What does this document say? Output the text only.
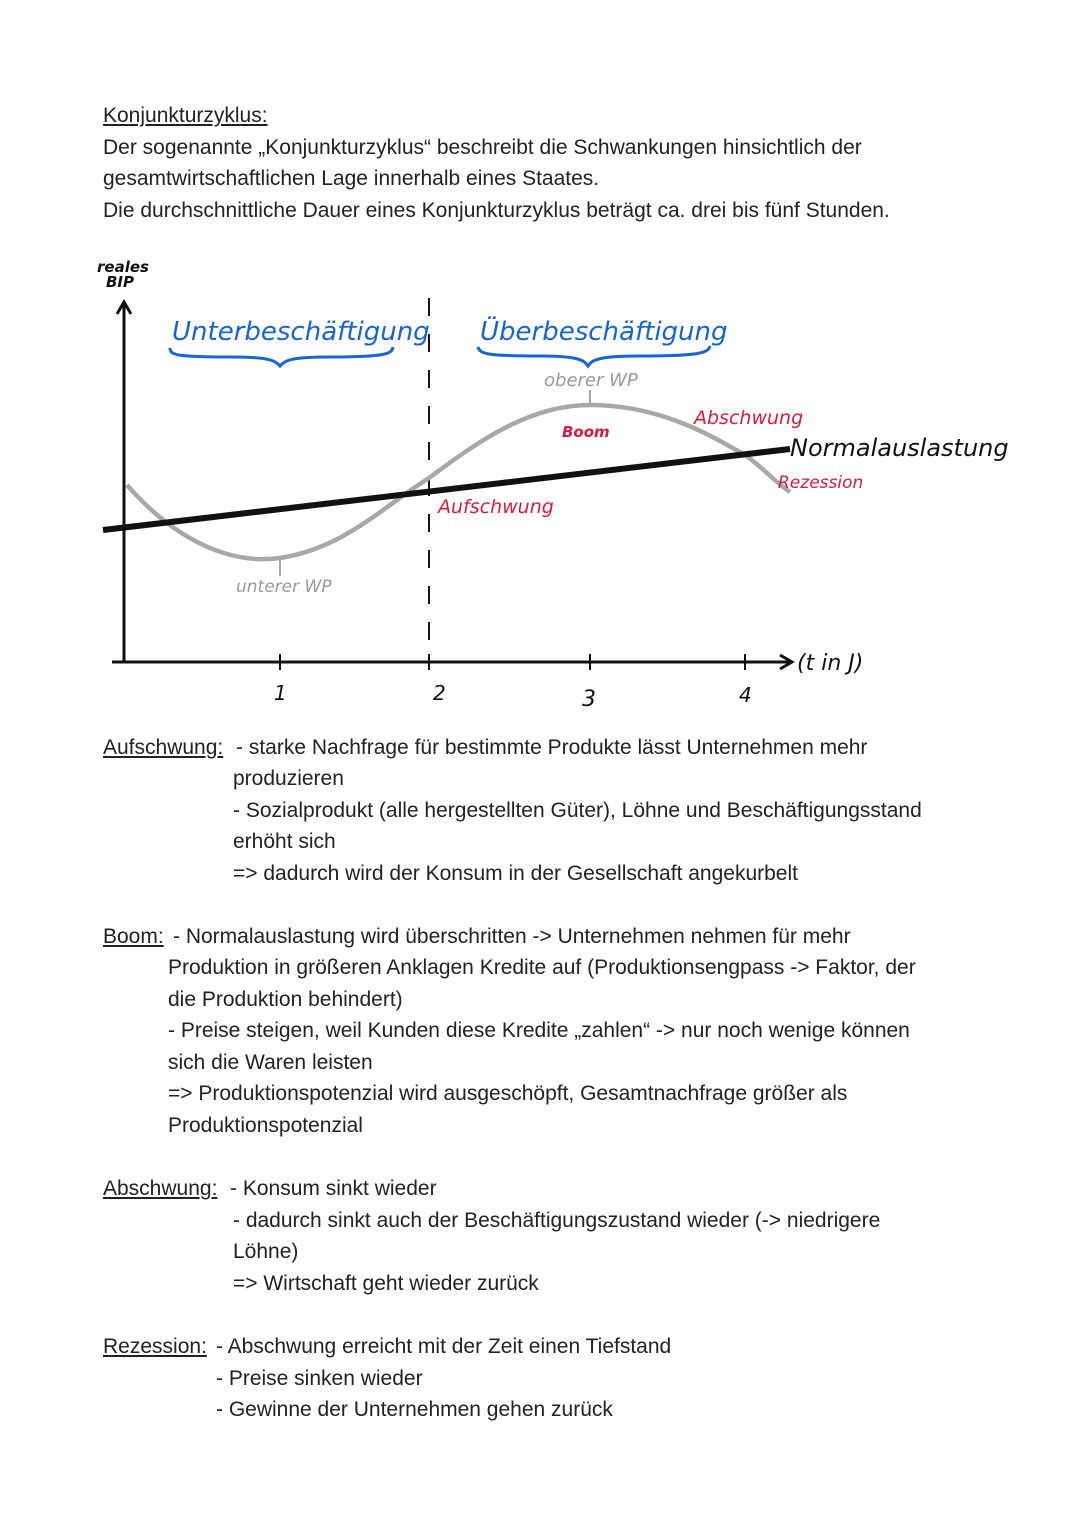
Konjunkturzyklus:
Der sogenannte „Konjunkturzyklus“ beschreibt die Schwankungen hinsichtlich der
gesamtwirtschaftlichen Lage innerhalb eines Staates.
Die durchschnittliche Dauer eines Konjunkturzyklus beträgt ca. drei bis fünf Stunden.
reales
BIP
(t in J)
1	2	3	4
Unterbeschäftigung Überbeschäftigung
oberer WP
unterer WP
Boom
Abschwung
Aufschwung
Rezession
Normalauslastung
Aufschwung: - starke Nachfrage für bestimmte Produkte lässt Unternehmen mehr
produzieren
- Sozialprodukt (alle hergestellten Güter), Löhne und Beschäftigungsstand
erhöht sich
=> dadurch wird der Konsum in der Gesellschaft angekurbelt
Boom: - Normalauslastung wird überschritten -> Unternehmen nehmen für mehr
Produktion in größeren Anklagen Kredite auf (Produktionsengpass -> Faktor, der
die Produktion behindert)
- Preise steigen, weil Kunden diese Kredite „zahlen“ -> nur noch wenige können
sich die Waren leisten
=> Produktionspotenzial wird ausgeschöpft, Gesamtnachfrage größer als
Produktionspotenzial
Abschwung: - Konsum sinkt wieder
- dadurch sinkt auch der Beschäftigungszustand wieder (-> niedrigere
Löhne)
=> Wirtschaft geht wieder zurück
Rezession: - Abschwung erreicht mit der Zeit einen Tiefstand
- Preise sinken wieder
- Gewinne der Unternehmen gehen zurück
